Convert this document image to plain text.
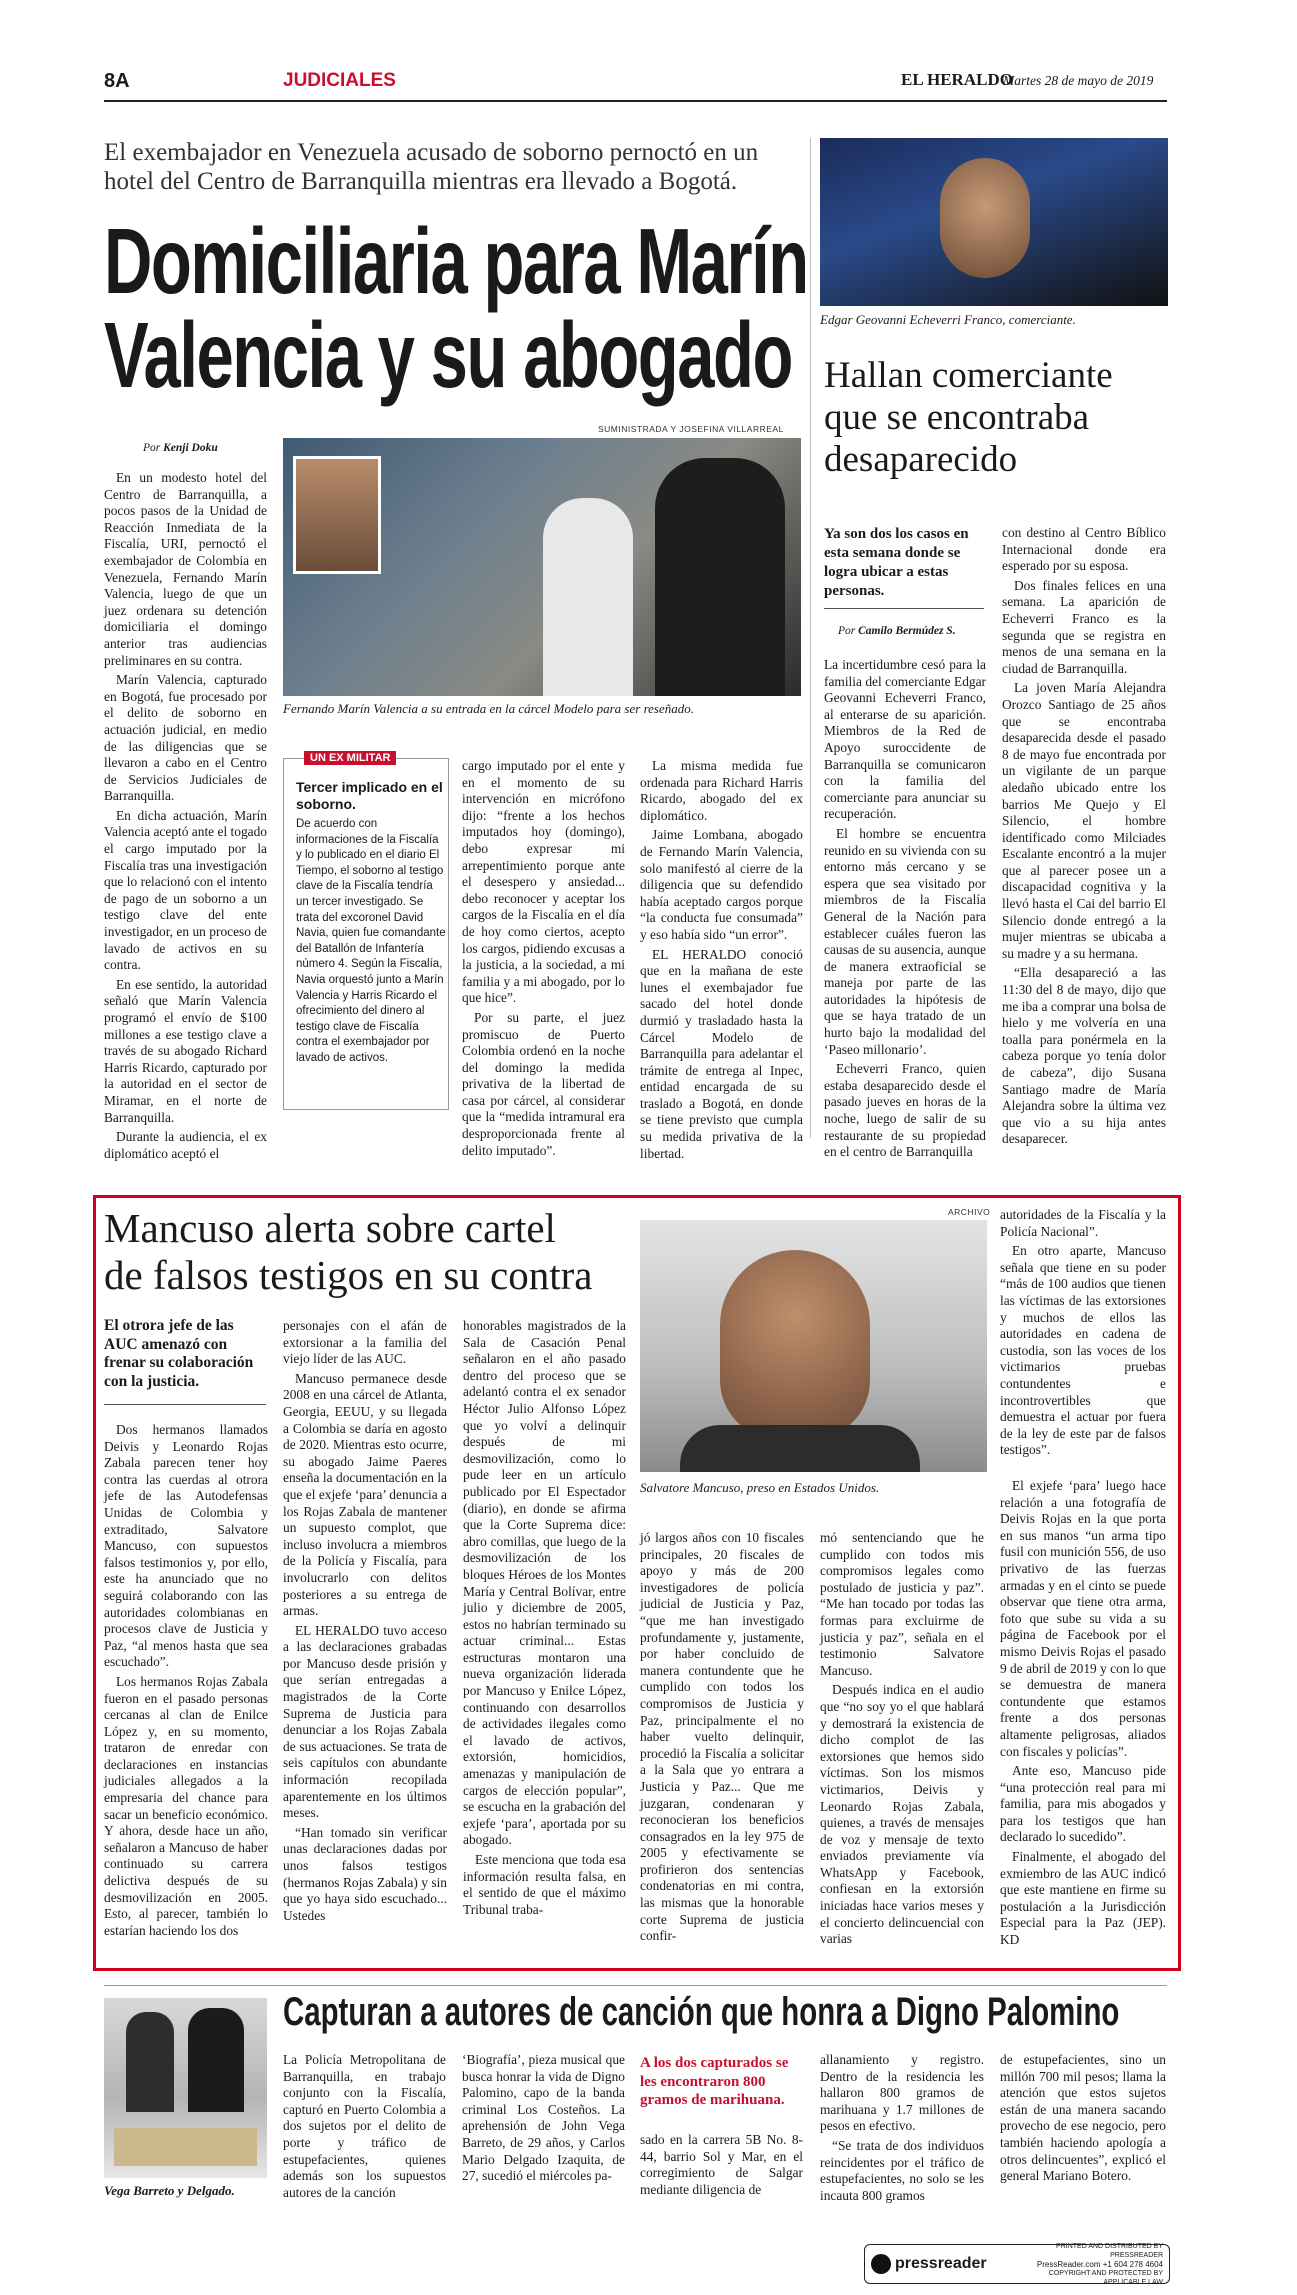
8A	JUDICIALES	EL HERALDO
Martes 28 de mayo de 2019
El exembajador en Venezuela acusado de soborno pernoctó en un hotel del Centro de Barranquilla mientras era llevado a Bogotá.
Domiciliaria para Marín
Valencia y su abogado
SUMINISTRADA Y JOSEFINA VILLARREAL
Por Kenji Doku
Fernando Marín Valencia a su entrada en la cárcel Modelo para ser reseñado.

En un modesto hotel del Centro de Barranquilla, a pocos pasos de la Unidad de Reacción Inmediata de la Fiscalía, URI, pernoctó el exembajador de Colombia en Venezuela, Fernando Marín Valencia, luego de que un juez ordenara su detención domiciliaria el domingo anterior tras audiencias preliminares en su contra.

Marín Valencia, capturado en Bogotá, fue procesado por el delito de soborno en actuación judicial, en medio de las diligencias que se llevaron a cabo en el Centro de Servicios Judiciales de Barranquilla.

En dicha actuación, Marín Valencia aceptó ante el togado el cargo imputado por la Fiscalía tras una investigación que lo relacionó con el intento de pago de un soborno a un testigo clave del ente investigador, en un proceso de lavado de activos en su contra.

En ese sentido, la autoridad señaló que Marín Valencia programó el envío de $100 millones a ese testigo clave a través de su abogado Richard Harris Ricardo, capturado por la autoridad en el sector de Miramar, en el norte de Barranquilla.

Durante la audiencia, el ex diplomático aceptó el

UN EX MILITAR
Tercer implicado en el soborno.
De acuerdo con informaciones de la Fiscalía y lo publicado en el diario El Tiempo, el soborno al testigo clave de la Fiscalía tendría un tercer investigado. Se trata del excoronel David Navia, quien fue comandante del Batallón de Infantería número 4. Según la Fiscalía, Navia orquestó junto a Marín Valencia y Harris Ricardo el ofrecimiento del dinero al testigo clave de Fiscalía contra el exembajador por lavado de activos.

cargo imputado por el ente y en el momento de su intervención en micrófono dijo: “frente a los hechos imputados hoy (domingo), debo expresar mi arrepentimiento porque ante el desespero y ansiedad... debo reconocer y aceptar los cargos de la Fiscalía en el día de hoy como ciertos, acepto los cargos, pidiendo excusas a la justicia, a la sociedad, a mi familia y a mi abogado, por lo que hice”.

Por su parte, el juez promiscuo de Puerto Colombia ordenó en la noche del domingo la medida privativa de la libertad de casa por cárcel, al considerar que la “medida intramural era desproporcionada frente al delito imputado”.

La misma medida fue ordenada para Richard Harris Ricardo, abogado del ex diplomático.

Jaime Lombana, abogado de Fernando Marín Valencia, solo manifestó al cierre de la diligencia que su defendido había aceptado cargos porque “la conducta fue consumada” y eso había sido “un error”.

EL HERALDO conoció que en la mañana de este lunes el exembajador fue sacado del hotel donde durmió y trasladado hasta la Cárcel Modelo de Barranquilla para adelantar el trámite de entrega al Inpec, entidad encargada de su traslado a Bogotá, en donde se tiene previsto que cumpla su medida privativa de la libertad.

Edgar Geovanni Echeverri Franco, comerciante.
Hallan comerciante que se encontraba desaparecido
Ya son dos los casos en esta semana donde se logra ubicar a estas personas.
Por Camilo Bermúdez S.

La incertidumbre cesó para la familia del comerciante Edgar Geovanni Echeverri Franco, al enterarse de su aparición. Miembros de la Red de Apoyo suroccidente de Barranquilla se comunicaron con la familia del comerciante para anunciar su recuperación.

El hombre se encuentra reunido en su vivienda con su entorno más cercano y se espera que sea visitado por miembros de la Fiscalía General de la Nación para establecer cuáles fueron las causas de su ausencia, aunque de manera extraoficial se maneja por parte de las autoridades la hipótesis de que se haya tratado de un hurto bajo la modalidad del ‘Paseo millonario’.

Echeverri Franco, quien estaba desaparecido desde el pasado jueves en horas de la noche, luego de salir de su restaurante de su propiedad en el centro de Barranquilla

con destino al Centro Bíblico Internacional donde era esperado por su esposa.

Dos finales felices en una semana. La aparición de Echeverri Franco es la segunda que se registra en menos de una semana en la ciudad de Barranquilla.

La joven María Alejandra Orozco Santiago de 25 años que se encontraba desaparecida desde el pasado 8 de mayo fue encontrada por un vigilante de un parque aledaño ubicado entre los barrios Me Quejo y El Silencio, el hombre identificado como Milciades Escalante encontró a la mujer que al parecer posee un a discapacidad cognitiva y la llevó hasta el Cai del barrio El Silencio donde entregó a la mujer mientras se ubicaba a su madre y a su hermana.

“Ella desapareció a las 11:30 del 8 de mayo, dijo que me iba a comprar una bolsa de hielo y me volvería en una toalla para ponérmela en la cabeza porque yo tenía dolor de cabeza”, dijo Susana Santiago madre de María Alejandra sobre la última vez que vio a su hija antes desaparecer.

Mancuso alerta sobre cartel
de falsos testigos en su contra
ARCHIVO
Salvatore Mancuso, preso en Estados Unidos.
El otrora jefe de las AUC amenazó con frenar su colaboración con la justicia.

Dos hermanos llamados Deivis y Leonardo Rojas Zabala parecen tener hoy contra las cuerdas al otrora jefe de las Autodefensas Unidas de Colombia y extraditado, Salvatore Mancuso, con supuestos falsos testimonios y, por ello, este ha anunciado que no seguirá colaborando con las autoridades colombianas en procesos clave de Justicia y Paz, “al menos hasta que sea escuchado”.

Los hermanos Rojas Zabala fueron en el pasado personas cercanas al clan de Enilce López y, en su momento, trataron de enredar con declaraciones en instancias judiciales allegados a la empresaria del chance para sacar un beneficio económico. Y ahora, desde hace un año, señalaron a Mancuso de haber continuado su carrera delictiva después de su desmovilización en 2005. Esto, al parecer, también lo estarían haciendo los dos

personajes con el afán de extorsionar a la familia del viejo líder de las AUC.

Mancuso permanece desde 2008 en una cárcel de Atlanta, Georgia, EEUU, y su llegada a Colombia se daría en agosto de 2020. Mientras esto ocurre, su abogado Jaime Paeres enseña la documentación en la que el exjefe ‘para’ denuncia a los Rojas Zabala de mantener un supuesto complot, que incluso involucra a miembros de la Policía y Fiscalía, para involucrarlo con delitos posteriores a su entrega de armas.

EL HERALDO tuvo acceso a las declaraciones grabadas por Mancuso desde prisión y que serían entregadas a magistrados de la Corte Suprema de Justicia para denunciar a los Rojas Zabala de sus actuaciones. Se trata de seis capítulos con abundante información recopilada aparentemente en los últimos meses.

“Han tomado sin verificar unas declaraciones dadas por unos falsos testigos (hermanos Rojas Zabala) y sin que yo haya sido escuchado... Ustedes

honorables magistrados de la Sala de Casación Penal señalaron en el año pasado dentro del proceso que se adelantó contra el ex senador Héctor Julio Alfonso López que yo volví a delinquir después de mi desmovilización, como lo pude leer en un artículo publicado por El Espectador (diario), en donde se afirma que la Corte Suprema dice: abro comillas, que luego de la desmovilización de los bloques Héroes de los Montes María y Central Bolívar, entre julio y diciembre de 2005, estos no habrían terminado su actuar criminal... Estas estructuras montaron una nueva organización liderada por Mancuso y Enilce López, continuando con desarrollos de actividades ilegales como el lavado de activos, extorsión, homicidios, amenazas y manipulación de cargos de elección popular”, se escucha en la grabación del exjefe ‘para’, aportada por su abogado.

Este menciona que toda esa información resulta falsa, en el sentido de que el máximo Tribunal traba-

jó largos años con 10 fiscales principales, 20 fiscales de apoyo y más de 200 investigadores de policía judicial de Justicia y Paz, “que me han investigado profundamente y, justamente, por haber concluido de manera contundente que he cumplido con todos los compromisos de Justicia y Paz, principalmente el no haber vuelto delinquir, procedió la Fiscalía a solicitar a la Sala que yo entrara a Justicia y Paz... Que me juzgaran, condenaran y reconocieran los beneficios consagrados en la ley 975 de 2005 y efectivamente se profirieron dos sentencias condenatorias en mi contra, las mismas que la honorable corte Suprema de justicia confir-

mó sentenciando que he cumplido con todos mis compromisos legales como postulado de justicia y paz”. “Me han tocado por todas las formas para excluirme de justicia y paz”, señala en el testimonio Salvatore Mancuso.

Después indica en el audio que “no soy yo el que hablará y demostrará la existencia de dicho complot de las extorsiones que hemos sido víctimas. Son los mismos victimarios, Deivis y Leonardo Rojas Zabala, quienes, a través de mensajes de voz y mensaje de texto enviados previamente vía WhatsApp y Facebook, confiesan en la extorsión iniciadas hace varios meses y el concierto delincuencial con varias

autoridades de la Fiscalía y la Policía Nacional”.

En otro aparte, Mancuso señala que tiene en su poder “más de 100 audios que tienen las víctimas de las extorsiones y muchos de ellos las autoridades en cadena de custodia, son las voces de los victimarios pruebas contundentes e incontrovertibles que demuestra el actuar por fuera de la ley de este par de falsos testigos”.

El exjefe ‘para’ luego hace relación a una fotografía de Deivis Rojas en la que porta en sus manos “un arma tipo fusil con munición 556, de uso privativo de las fuerzas armadas y en el cinto se puede observar que tiene otra arma, foto que sube su vida a su página de Facebook por el mismo Deivis Rojas el pasado 9 de abril de 2019 y con lo que se demuestra de manera contundente que estamos frente a dos personas altamente peligrosas, aliados con fiscales y policías”.

Ante eso, Mancuso pide “una protección real para mi familia, para mis abogados y para los testigos que han declarado lo sucedido”.

Finalmente, el abogado del exmiembro de las AUC indicó que este mantiene en firme su postulación a la Jurisdicción Especial para la Paz (JEP). KD

Vega Barreto y Delgado.
Capturan a autores de canción que honra a Digno Palomino

La Policía Metropolitana de Barranquilla, en trabajo conjunto con la Fiscalía, capturó en Puerto Colombia a dos sujetos por el delito de porte y tráfico de estupefacientes, quienes además son los supuestos autores de la canción

‘Biografía’, pieza musical que busca honrar la vida de Digno Palomino, capo de la banda criminal Los Costeños. La aprehensión de John Vega Barreto, de 29 años, y Carlos Mario Delgado Izaquita, de 27, sucedió el miércoles pa-

A los dos capturados se les encontraron 800 gramos de marihuana.

sado en la carrera 5B No. 8-44, barrio Sol y Mar, en el corregimiento de Salgar mediante diligencia de

allanamiento y registro. Dentro de la residencia les hallaron 800 gramos de marihuana y 1.7 millones de pesos en efectivo.

“Se trata de dos individuos reincidentes por el tráfico de estupefacientes, no solo se les incauta 800 gramos

de estupefacientes, sino un millón 700 mil pesos; llama la atención que estos sujetos están de una manera sacando provecho de ese negocio, pero también haciendo apología a otros delincuentes”, explicó el general Mariano Botero.

pressreader
PRINTED AND DISTRIBUTED BY PRESSREADER
PressReader.com +1 604 278 4604
COPYRIGHT AND PROTECTED BY APPLICABLE LAW
